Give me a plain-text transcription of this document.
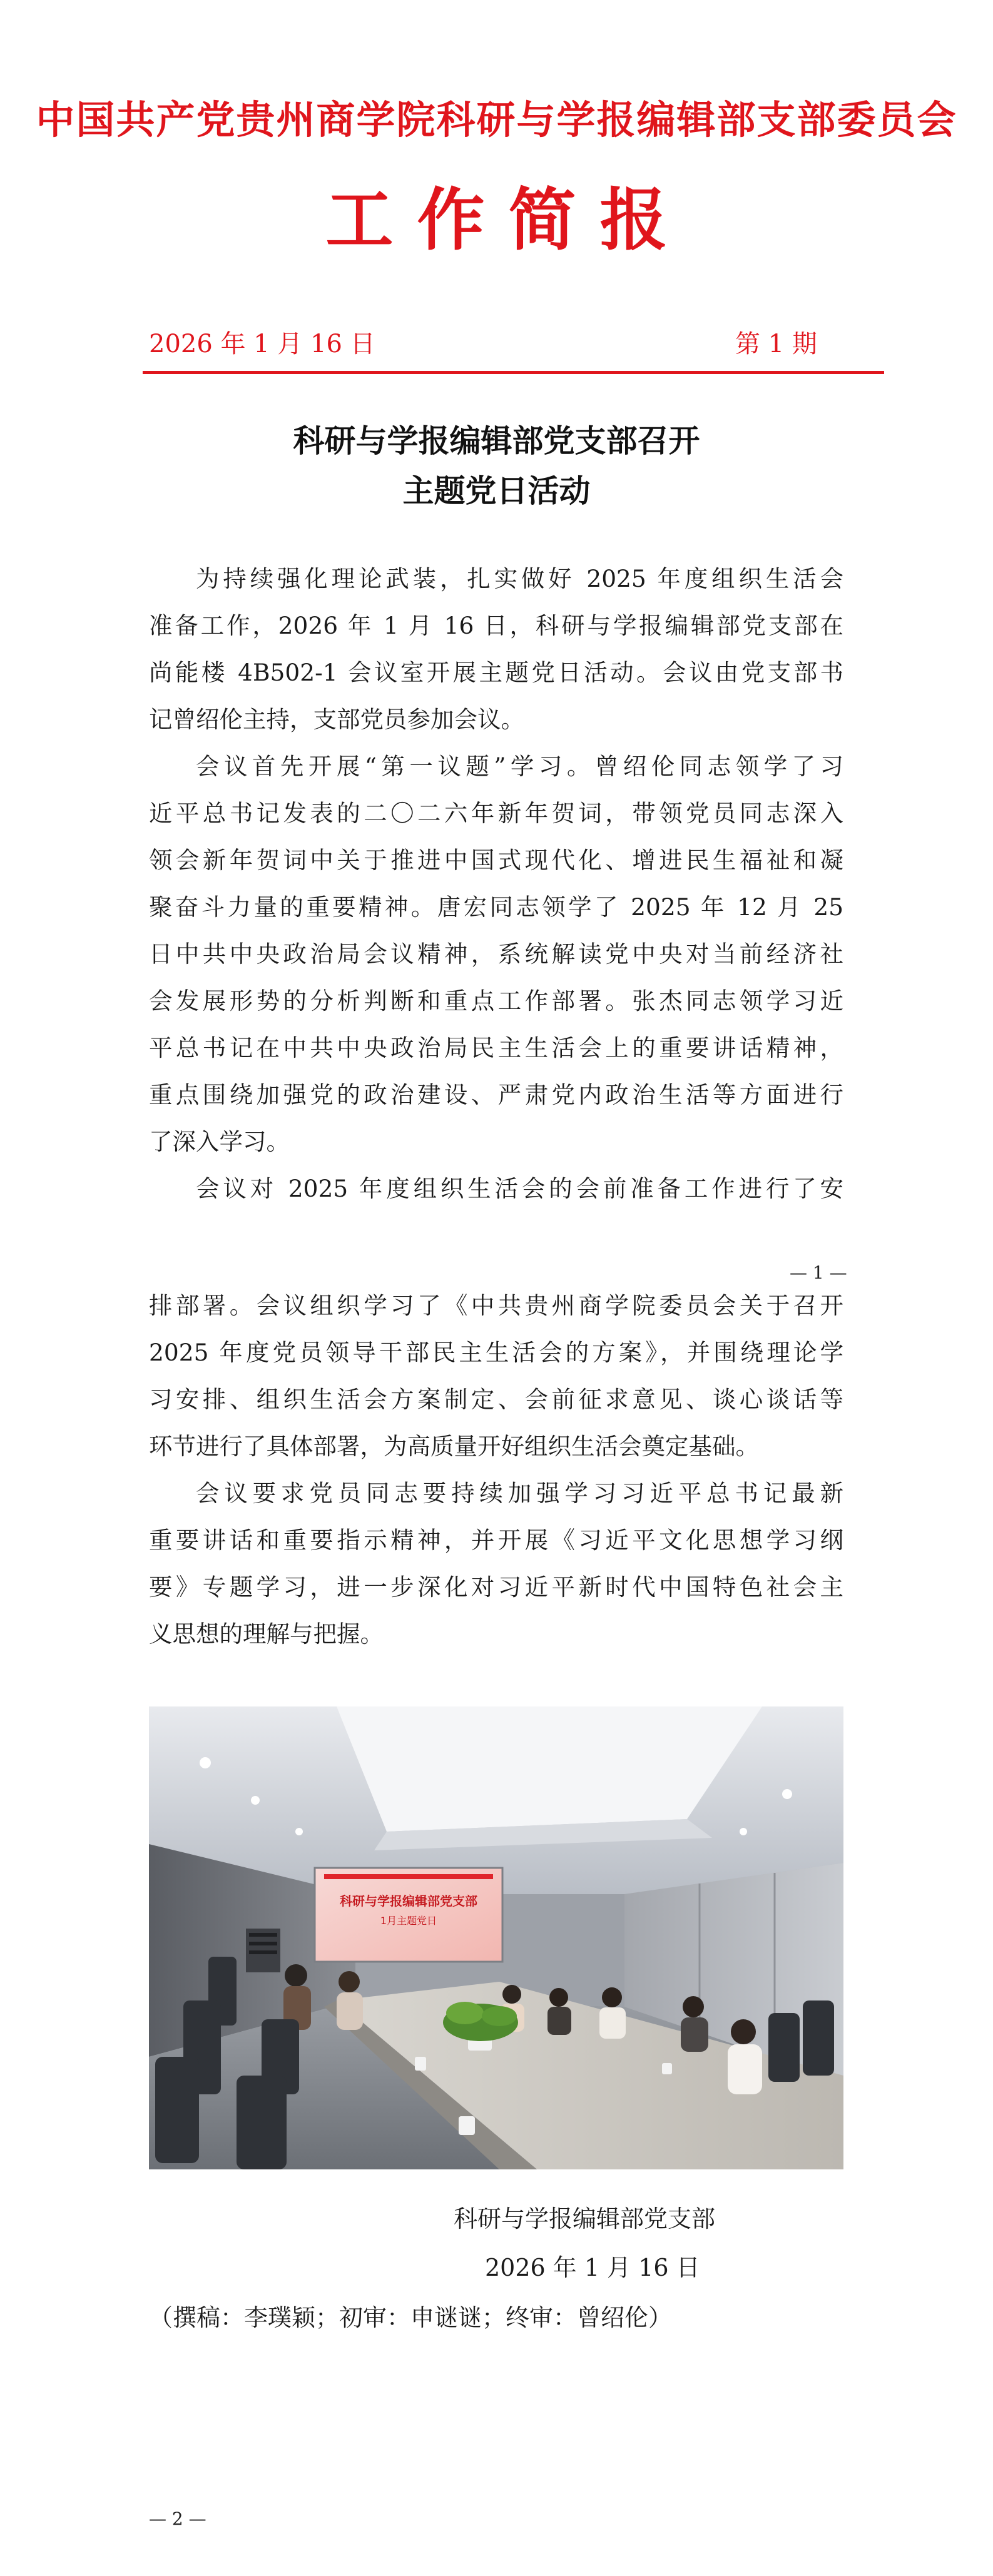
中国共产党贵州商学院科研与学报编辑部支部委员会
工作简报
2026 年 1 月 16 日	第 1 期
科研与学报编辑部党支部召开
主题党日活动
为持续强化理论武装，扎实做好 2025 年度组织生活会
准备工作，2026 年 1 月 16 日，科研与学报编辑部党支部在
尚能楼 4B502-1 会议室开展主题党日活动。会议由党支部书
记曾绍伦主持，支部党员参加会议。
会议首先开展“第一议题”学习。曾绍伦同志领学了习
近平总书记发表的二〇二六年新年贺词，带领党员同志深入
领会新年贺词中关于推进中国式现代化、增进民生福祉和凝
聚奋斗力量的重要精神。唐宏同志领学了 2025 年 12 月 25
日中共中央政治局会议精神，系统解读党中央对当前经济社
会发展形势的分析判断和重点工作部署。张杰同志领学习近
平总书记在中共中央政治局民主生活会上的重要讲话精神，
重点围绕加强党的政治建设、严肃党内政治生活等方面进行
了深入学习。
会议对 2025 年度组织生活会的会前准备工作进行了安
— 1 —
排部署。会议组织学习了《中共贵州商学院委员会关于召开
2025 年度党员领导干部民主生活会的方案》，并围绕理论学
习安排、组织生活会方案制定、会前征求意见、谈心谈话等
环节进行了具体部署，为高质量开好组织生活会奠定基础。
会议要求党员同志要持续加强学习习近平总书记最新
重要讲话和重要指示精神，并开展《习近平文化思想学习纲
要》专题学习，进一步深化对习近平新时代中国特色社会主
义思想的理解与把握。
科研与学报编辑部党支部
1月主题党日
科研与学报编辑部党支部
2026 年 1 月 16 日
（撰稿：李璞颖；初审：申谜谜；终审：曾绍伦）
— 2 —
